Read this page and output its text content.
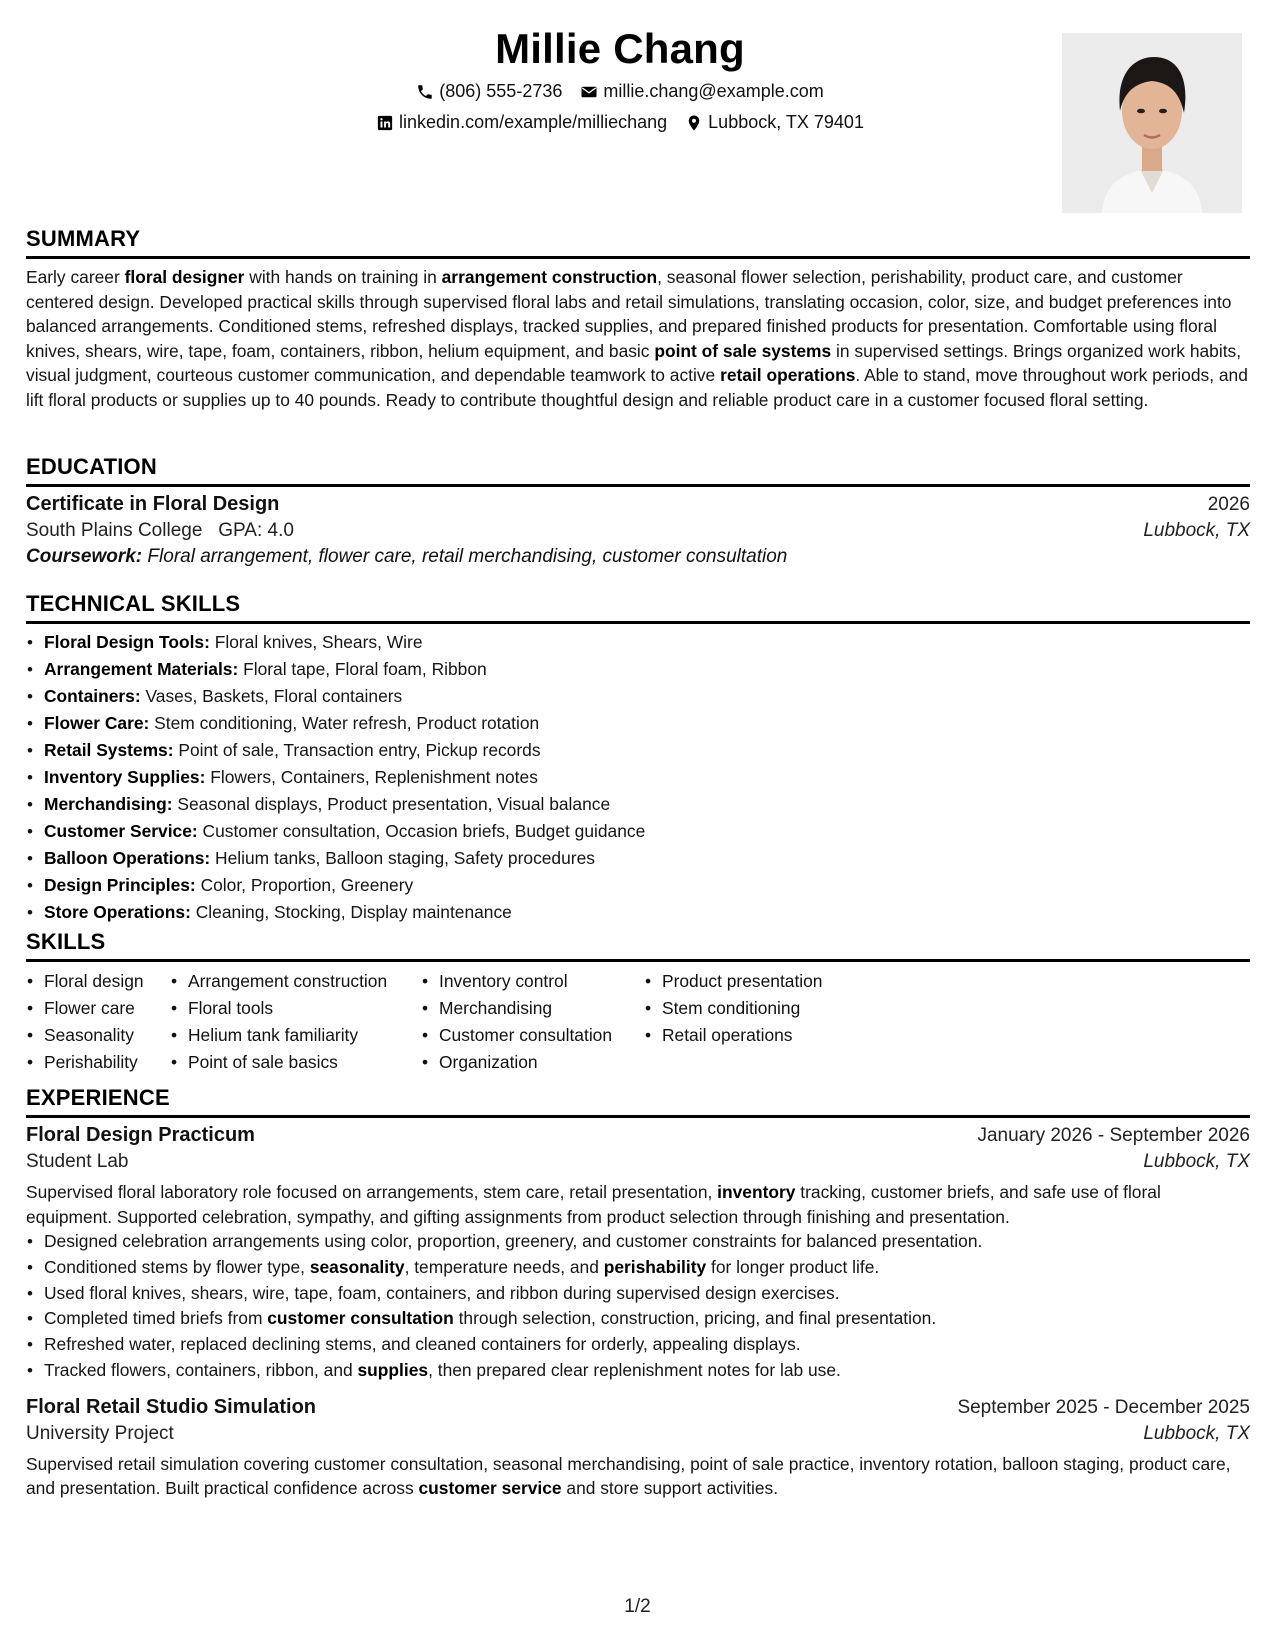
Millie Chang
(806) 555-2736 millie.chang@example.com
linkedin.com/example/milliechang Lubbock, TX 79401
SUMMARY

Early career floral designer with hands on training in arrangement construction, seasonal flower selection, perishability, product care, and customer centered design. Developed practical skills through supervised floral labs and retail simulations, translating occasion, color, size, and budget preferences into balanced arrangements. Conditioned stems, refreshed displays, tracked supplies, and prepared finished products for presentation. Comfortable using floral knives, shears, wire, tape, foam, containers, ribbon, helium equipment, and basic point of sale systems in supervised settings. Brings organized work habits, visual judgment, courteous customer communication, and dependable teamwork to active retail operations. Able to stand, move throughout work periods, and lift floral products or supplies up to 40 pounds. Ready to contribute thoughtful design and reliable product care in a customer focused floral setting.

EDUCATION
Certificate in Floral Design	2026
South Plains College GPA: 4.0	Lubbock, TX
Coursework: Floral arrangement, flower care, retail merchandising, customer consultation
TECHNICAL SKILLS
• Floral Design Tools: Floral knives, Shears, Wire
• Arrangement Materials: Floral tape, Floral foam, Ribbon
• Containers: Vases, Baskets, Floral containers
• Flower Care: Stem conditioning, Water refresh, Product rotation
• Retail Systems: Point of sale, Transaction entry, Pickup records
• Inventory Supplies: Flowers, Containers, Replenishment notes
• Merchandising: Seasonal displays, Product presentation, Visual balance
• Customer Service: Customer consultation, Occasion briefs, Budget guidance
• Balloon Operations: Helium tanks, Balloon staging, Safety procedures
• Design Principles: Color, Proportion, Greenery
• Store Operations: Cleaning, Stocking, Display maintenance
SKILLS
• Floral design
• Flower care
• Seasonality
• Perishability
• Arrangement construction
• Floral tools
• Helium tank familiarity
• Point of sale basics
• Inventory control
• Merchandising
• Customer consultation
• Organization
• Product presentation
• Stem conditioning
• Retail operations
EXPERIENCE
Floral Design Practicum	January 2026 - September 2026
Student Lab	Lubbock, TX

Supervised floral laboratory role focused on arrangements, stem care, retail presentation, inventory tracking, customer briefs, and safe use of floral equipment. Supported celebration, sympathy, and gifting assignments from product selection through finishing and presentation.

• Designed celebration arrangements using color, proportion, greenery, and customer constraints for balanced presentation.
• Conditioned stems by flower type, seasonality, temperature needs, and perishability for longer product life.
• Used floral knives, shears, wire, tape, foam, containers, and ribbon during supervised design exercises.
• Completed timed briefs from customer consultation through selection, construction, pricing, and final presentation.
• Refreshed water, replaced declining stems, and cleaned containers for orderly, appealing displays.
• Tracked flowers, containers, ribbon, and supplies, then prepared clear replenishment notes for lab use.
Floral Retail Studio Simulation	September 2025 - December 2025
University Project	Lubbock, TX

Supervised retail simulation covering customer consultation, seasonal merchandising, point of sale practice, inventory rotation, balloon staging, product care, and presentation. Built practical confidence across customer service and store support activities.

1/2
